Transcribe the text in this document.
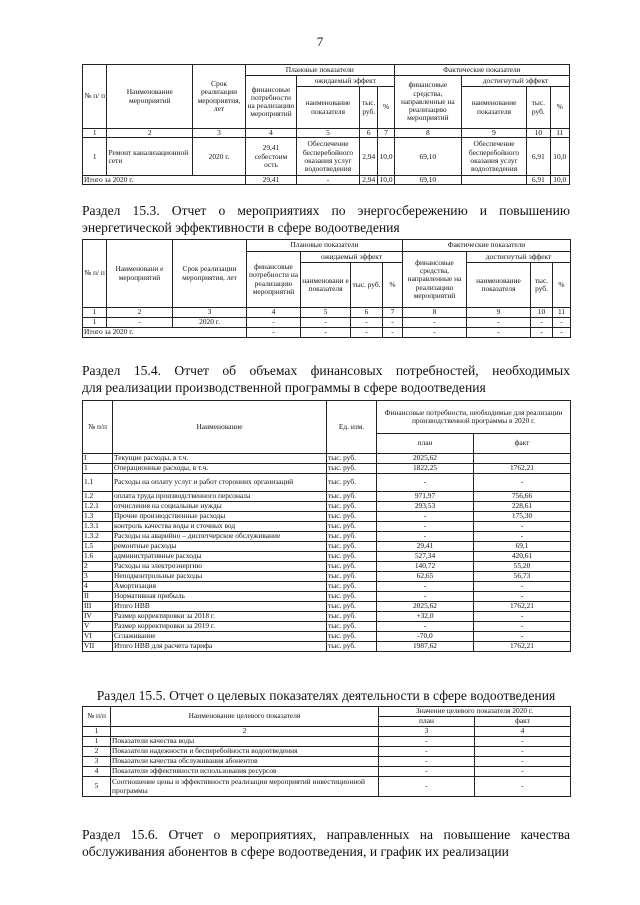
7
№ п/ п	Наименование мероприятий	Срок реализации мероприятия, лет	Плановые показатели				Фактические показатели			
			финансовые потребности на реализацию мероприятий	ожидаемый эффект			финансовые средства, направленные на реализацию мероприятий	достигнутый эффект		
				наименование показателя	тыс. руб.	%		наименование показателя	тыс. руб.	%
1	2	3	4	5	6	7	8	9	10	11
1	Ремонт канализационной сети	2020 г.	29,41 себестоим ость	Обеспечение бесперебойного оказания услуг водоотведения	2,94	10,0	69,10	Обеспечение бесперебойного оказания услуг водоотведения	6,91	10,0
Итого за 2020 г.			29,41	-	2,94	10,0	69,10		6,91	10,0
Раздел 15.3. Отчет о мероприятиях по энергосбережению и повышению
энергетической эффективности в сфере водоотведения
№ п/ п	Наименовани е мероприятий	Срок реализации мероприятия, лет	Плановые показатели				Фактические показатели			
			финансовые потребности на реализацию мероприятий	ожидаемый эффект			финансовые средства, направленные на реализацию мероприятий	достигнутый эффект		
				наименовани е показателя	тыс. руб.	%		наименование показателя	тыс. руб.	%
1	2	3	4	5	6	7	8	9	10	11
1	-	2020 г.	-	-	-	-	-	-	-	-
Итого за 2020 г.			-	-	-	-	-	-	-	-
Раздел 15.4. Отчет об объемах финансовых потребностей, необходимых
для реализации производственной программы в сфере водоотведения
№ п/п	Наименование	Ед. изм.	Финансовые потребности, необходимые для реализации производственной программы в 2020 г.	
			план	факт
I	Текущие расходы, в т.ч.	тыс. руб.	2025,62	
1	Операционные расходы, в т.ч.	тыс. руб.	1822,25	1762,21
1.1	Расходы на оплату услуг и работ сторонних организаций	тыс. руб.	-	-
1.2	оплата труда производственного персонала	тыс. руб.	971,97	756,66
1.2.1	отчисления на социальные нужды	тыс. руб.	293,53	228,61
1.3	Прочие производственные расходы	тыс. руб.	-	175,30
1.3.1	контроль качества воды и сточных вод	тыс. руб.	-	-
1.3.2	Расходы на аварийно – диспетчерское обслуживание	тыс. руб.	-	-
1.5	ремонтные расходы	тыс. руб.	29,41	69,1
1.6	административные расходы	тыс. руб.	527,34	420,61
2	Расходы на электроэнергию	тыс. руб.	140,72	55,20
3	Неподконтрольные расходы	тыс. руб.	62,65	56,73
4	Амортизация	тыс. руб.	-	-
II	Нормативная прибыль	тыс. руб.	-	-
III	Итого НВВ	тыс. руб.	2025,62	1762,21
IV	Размер корректировки за 2018 г.	тыс. руб.	+32,0	-
V	Размер корректировки за 2019 г.	тыс. руб.	-	-
VI	Сглаживание	тыс. руб.	-70,0	-
VII	Итого НВВ для расчета тарифа	тыс. руб.	1987,62	1762,21
Раздел 15.5. Отчет о целевых показателях деятельности в сфере водоотведения
№ п/п	Наименование целевого показателя	Значение целевого показателя 2020 г.	
		план	факт
1	2	3	4
1	Показатели качества воды	-	-
2	Показатели надежности и бесперебойности водоотведения	-	-
3	Показатели качества обслуживания абонентов	-	-
4	Показатели эффективности использования ресурсов	-	-
5	Соотношение цены и эффективности реализации мероприятий инвестиционной программы	-	-
Раздел 15.6. Отчет о мероприятиях, направленных на повышение качества
обслуживания абонентов в сфере водоотведения, и график их реализации
